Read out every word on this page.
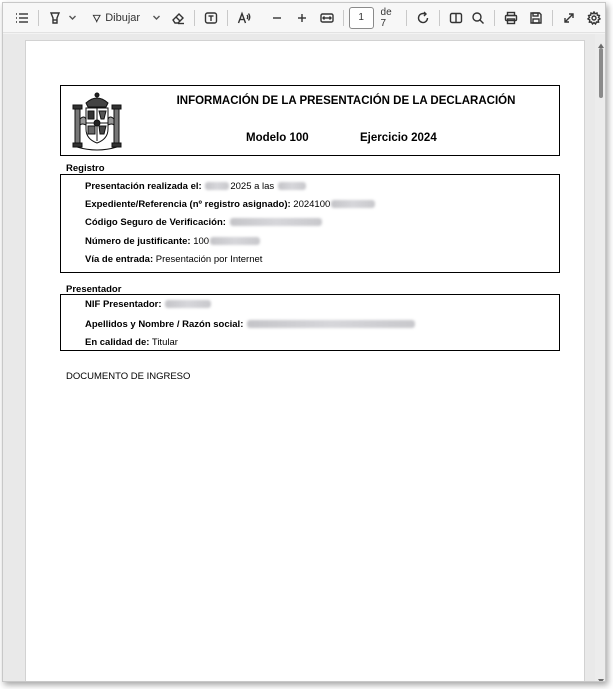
Dibujar	1	de 7
INFORMACIÓN DE LA PRESENTACIÓN DE LA DECLARACIÓN
Modelo 100	Ejercicio 2024
Registro
Presentación realizada el:	2025 a las
Expediente/Referencia (nº registro asignado): 2024100
Código Seguro de Verificación:
Número de justificante: 100
Vía de entrada: Presentación por Internet
Presentador
NIF Presentador:
Apellidos y Nombre / Razón social:
En calidad de: Titular
DOCUMENTO DE INGRESO
